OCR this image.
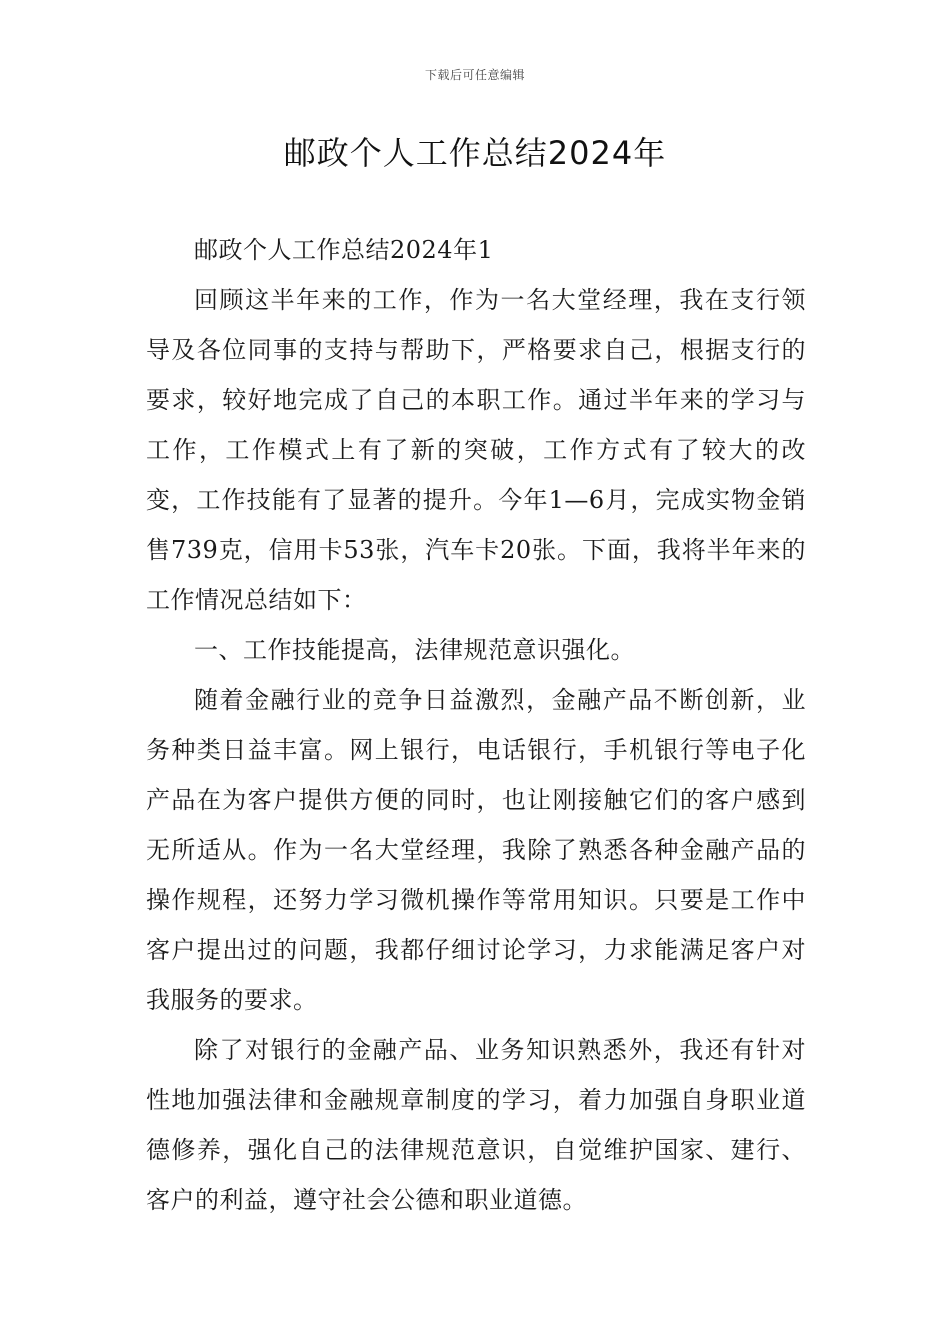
下载后可任意编辑
邮政个人工作总结2024年

邮政个人工作总结2024年1

回顾这半年来的工作，作为一名大堂经理，我在支行领导及各位同事的支持与帮助下，严格要求自己，根据支行的要求，较好地完成了自己的本职工作。通过半年来的学习与工作，工作模式上有了新的突破，工作方式有了较大的改变，工作技能有了显著的提升。今年1—6月，完成实物金销售739克，信用卡53张，汽车卡20张。下面，我将半年来的工作情况总结如下：

一、工作技能提高，法律规范意识强化。

随着金融行业的竞争日益激烈，金融产品不断创新，业务种类日益丰富。网上银行，电话银行，手机银行等电子化产品在为客户提供方便的同时，也让刚接触它们的客户感到无所适从。作为一名大堂经理，我除了熟悉各种金融产品的操作规程，还努力学习微机操作等常用知识。只要是工作中客户提出过的问题，我都仔细讨论学习，力求能满足客户对我服务的要求。

除了对银行的金融产品、业务知识熟悉外，我还有针对性地加强法律和金融规章制度的学习，着力加强自身职业道德修养，强化自己的法律规范意识，自觉维护国家、建行、客户的利益，遵守社会公德和职业道德。
